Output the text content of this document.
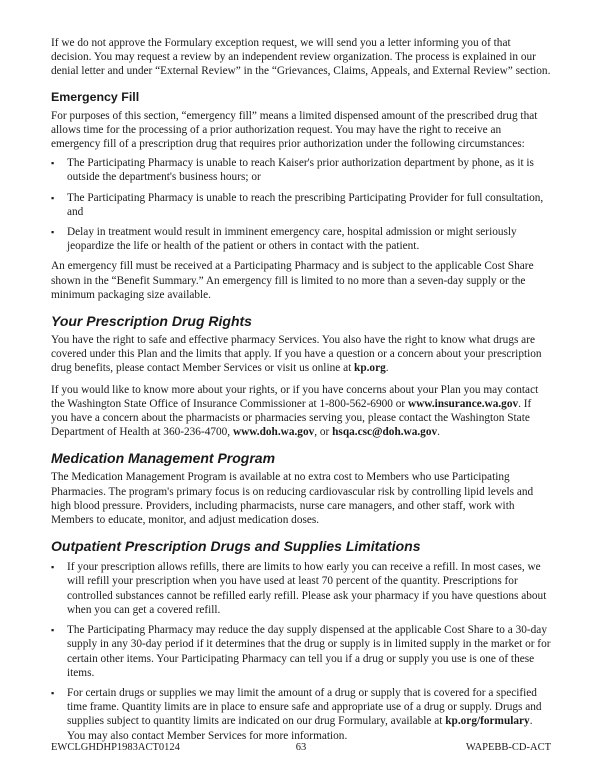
If we do not approve the Formulary exception request, we will send you a letter informing you of that decision. You may request a review by an independent review organization. The process is explained in our denial letter and under “External Review” in the “Grievances, Claims, Appeals, and External Review” section.

Emergency Fill

For purposes of this section, “emergency fill” means a limited dispensed amount of the prescribed drug that allows time for the processing of a prior authorization request. You may have the right to receive an emergency fill of a prescription drug that requires prior authorization under the following circumstances:

▪ The Participating Pharmacy is unable to reach Kaiser's prior authorization department by phone, as it is outside the department's business hours; or
▪ The Participating Pharmacy is unable to reach the prescribing Participating Provider for full consultation, and
▪ Delay in treatment would result in imminent emergency care, hospital admission or might seriously jeopardize the life or health of the patient or others in contact with the patient.

An emergency fill must be received at a Participating Pharmacy and is subject to the applicable Cost Share shown in the “Benefit Summary.” An emergency fill is limited to no more than a seven-day supply or the minimum packaging size available.

Your Prescription Drug Rights

You have the right to safe and effective pharmacy Services. You also have the right to know what drugs are covered under this Plan and the limits that apply. If you have a question or a concern about your prescription drug benefits, please contact Member Services or visit us online at kp.org.

If you would like to know more about your rights, or if you have concerns about your Plan you may contact the Washington State Office of Insurance Commissioner at 1-800-562-6900 or www.insurance.wa.gov. If you have a concern about the pharmacists or pharmacies serving you, please contact the Washington State Department of Health at 360-236-4700, www.doh.wa.gov, or hsqa.csc@doh.wa.gov.

Medication Management Program

The Medication Management Program is available at no extra cost to Members who use Participating Pharmacies. The program's primary focus is on reducing cardiovascular risk by controlling lipid levels and high blood pressure. Providers, including pharmacists, nurse care managers, and other staff, work with Members to educate, monitor, and adjust medication doses.

Outpatient Prescription Drugs and Supplies Limitations
▪ If your prescription allows refills, there are limits to how early you can receive a refill. In most cases, we will refill your prescription when you have used at least 70 percent of the quantity. Prescriptions for controlled substances cannot be refilled early refill. Please ask your pharmacy if you have questions about when you can get a covered refill.
▪ The Participating Pharmacy may reduce the day supply dispensed at the applicable Cost Share to a 30-day supply in any 30-day period if it determines that the drug or supply is in limited supply in the market or for certain other items. Your Participating Pharmacy can tell you if a drug or supply you use is one of these items.
▪ For certain drugs or supplies we may limit the amount of a drug or supply that is covered for a specified time frame. Quantity limits are in place to ensure safe and appropriate use of a drug or supply. Drugs and supplies subject to quantity limits are indicated on our drug Formulary, available at kp.org/formulary. You may also contact Member Services for more information.
EWCLGHDHP1983ACT0124	63	WAPEBB-CD-ACT
